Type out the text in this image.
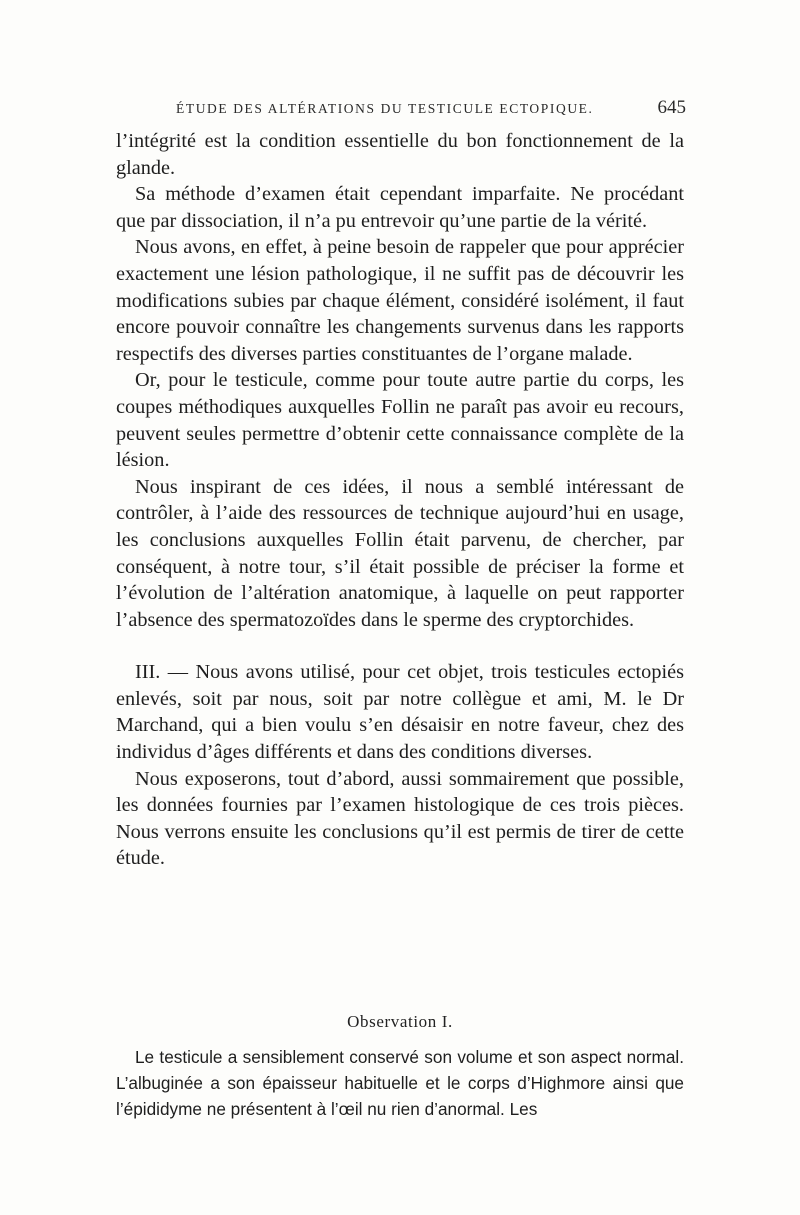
ÉTUDE DES ALTÉRATIONS DU TESTICULE ECTOPIQUE.	645

l’intégrité est la condition essentielle du bon fonctionnement de la glande.

Sa méthode d’examen était cependant imparfaite. Ne procédant que par dissociation, il n’a pu entrevoir qu’une partie de la vérité.

Nous avons, en effet, à peine besoin de rappeler que pour apprécier exactement une lésion pathologique, il ne suffit pas de découvrir les modifications subies par chaque élément, considéré isolément, il faut encore pouvoir connaître les changements survenus dans les rapports respectifs des diverses parties constituantes de l’organe malade.

Or, pour le testicule, comme pour toute autre partie du corps, les coupes méthodiques auxquelles Follin ne paraît pas avoir eu recours, peuvent seules permettre d’obtenir cette connaissance complète de la lésion.

Nous inspirant de ces idées, il nous a semblé intéressant de contrôler, à l’aide des ressources de technique aujourd’hui en usage, les conclusions auxquelles Follin était parvenu, de chercher, par conséquent, à notre tour, s’il était possible de préciser la forme et l’évolution de l’altération anatomique, à laquelle on peut rapporter l’absence des spermatozoïdes dans le sperme des cryptorchides.

III. — Nous avons utilisé, pour cet objet, trois testicules ectopiés enlevés, soit par nous, soit par notre collègue et ami, M. le Dr Marchand, qui a bien voulu s’en désaisir en notre faveur, chez des individus d’âges différents et dans des conditions diverses.

Nous exposerons, tout d’abord, aussi sommairement que possible, les données fournies par l’examen histologique de ces trois pièces. Nous verrons ensuite les conclusions qu’il est permis de tirer de cette étude.

Observation I.

Le testicule a sensiblement conservé son volume et son aspect normal. L’albuginée a son épaisseur habituelle et le corps d’Highmore ainsi que l’épididyme ne présentent à l’œil nu rien d’anormal. Les
